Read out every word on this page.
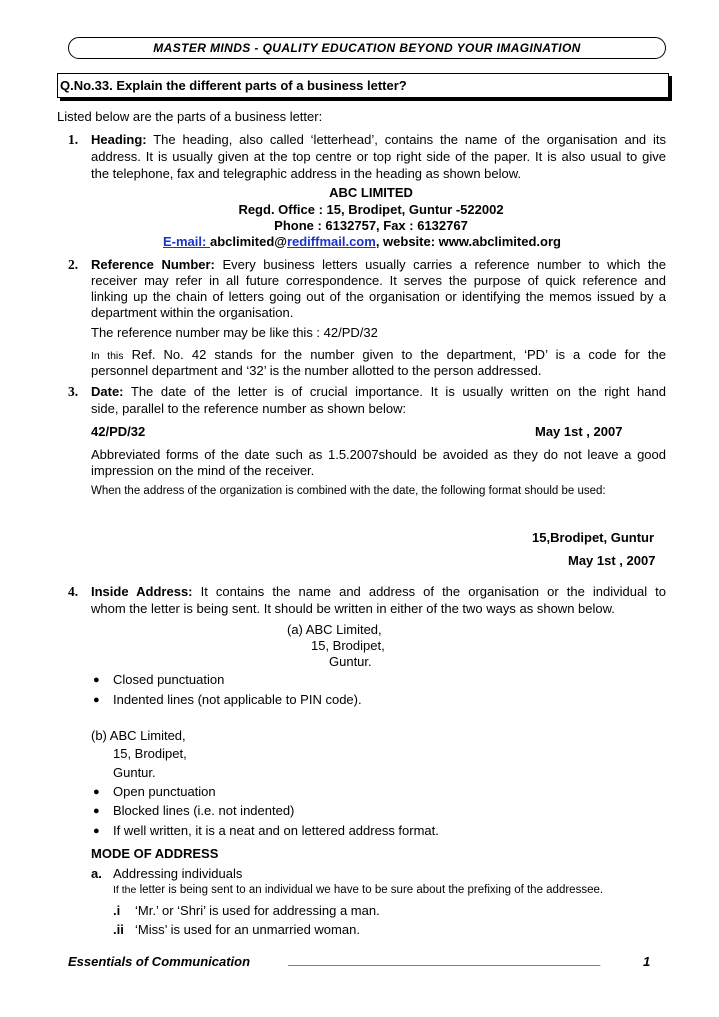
MASTER MINDS - QUALITY EDUCATION BEYOND YOUR IMAGINATION
Q.No.33. Explain the different parts of a business letter?
Listed below are the parts of a business letter:
1. Heading: The heading, also called ‘letterhead’, contains the name of the organisation and its
address. It is usually given at the top centre or top right side of the paper. It is also usual to give
the telephone, fax and telegraphic address in the heading as shown below.
ABC LIMITED
Regd. Office : 15, Brodipet, Guntur -522002
Phone : 6132757, Fax : 6132767
E-mail: abclimited@rediffmail.com, website: www.abclimited.org
2. Reference Number: Every business letters usually carries a reference number to which the
receiver may refer in all future correspondence. It serves the purpose of quick reference and
linking up the chain of letters going out of the organisation or identifying the memos issued by a
department within the organisation.
The reference number may be like this : 42/PD/32
In this Ref. No. 42 stands for the number given to the department, ‘PD’ is a code for the
personnel department and ‘32’ is the number allotted to the person addressed.
3. Date: The date of the letter is of crucial importance. It is usually written on the right hand
side, parallel to the reference number as shown below:
42/PD/32	May 1st , 2007
Abbreviated forms of the date such as 1.5.2007should be avoided as they do not leave a good
impression on the mind of the receiver.
When the address of the organization is combined with the date, the following format should be used:
15,Brodipet, Guntur
May 1st , 2007
4. Inside Address: It contains the name and address of the organisation or the individual to
whom the letter is being sent. It should be written in either of the two ways as shown below.
(a) ABC Limited,
15, Brodipet,
Guntur.
● Closed punctuation
● Indented lines (not applicable to PIN code).
(b) ABC Limited,
15, Brodipet,
Guntur.
● Open punctuation
● Blocked lines (i.e. not indented)
● If well written, it is a neat and on lettered address format.
MODE OF ADDRESS
a. Addressing individuals
If the letter is being sent to an individual we have to be sure about the prefixing of the addressee.
.i ‘Mr.’ or ‘Shri’ is used for addressing a man.
.ii ‘Miss’ is used for an unmarried woman.
Essentials of Communication	_______________________________________________	1
